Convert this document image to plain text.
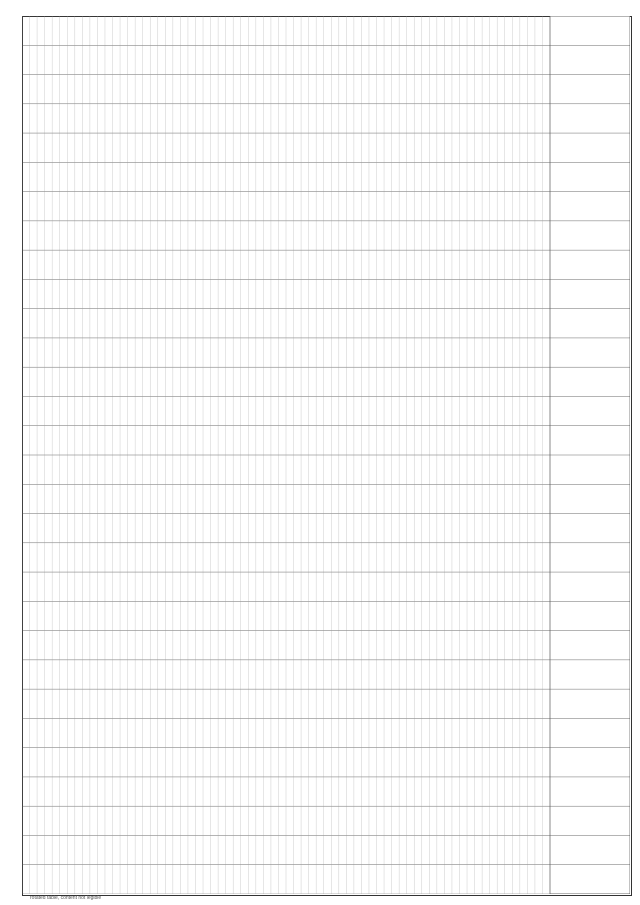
rotated table, content not legible
